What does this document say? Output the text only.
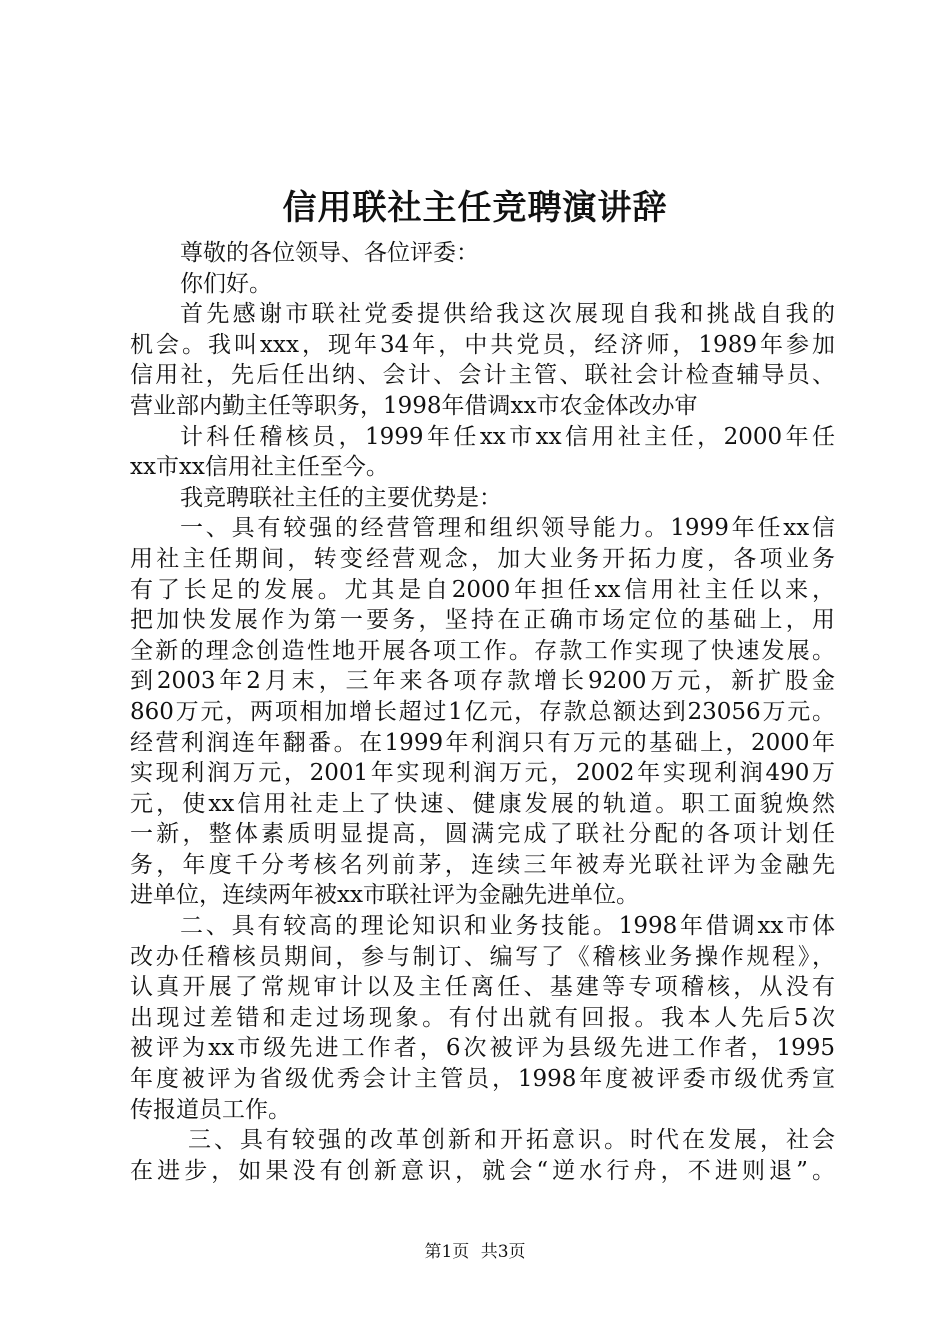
信用联社主任竞聘演讲辞
尊敬的各位领导、各位评委：
你们好。
首先感谢市联社党委提供给我这次展现自我和挑战自我的
机会。我叫xxx，现年34年，中共党员，经济师，1989年参加
信用社，先后任出纳、会计、会计主管、联社会计检查辅导员、
营业部内勤主任等职务，1998年借调xx市农金体改办审
计科任稽核员，1999年任xx市xx信用社主任，2000年任
xx市xx信用社主任至今。
我竞聘联社主任的主要优势是：
一、具有较强的经营管理和组织领导能力。1999年任xx信
用社主任期间，转变经营观念，加大业务开拓力度，各项业务
有了长足的发展。尤其是自2000年担任xx信用社主任以来，
把加快发展作为第一要务，坚持在正确市场定位的基础上，用
全新的理念创造性地开展各项工作。存款工作实现了快速发展。
到2003年2月末，三年来各项存款增长9200万元，新扩股金
860万元，两项相加增长超过1亿元，存款总额达到23056万元。
经营利润连年翻番。在1999年利润只有万元的基础上，2000年
实现利润万元，2001年实现利润万元，2002年实现利润490万
元，使xx信用社走上了快速、健康发展的轨道。职工面貌焕然
一新，整体素质明显提高，圆满完成了联社分配的各项计划任
务，年度千分考核名列前茅，连续三年被寿光联社评为金融先
进单位，连续两年被xx市联社评为金融先进单位。
二、具有较高的理论知识和业务技能。1998年借调xx市体
改办任稽核员期间，参与制订、编写了《稽核业务操作规程》，
认真开展了常规审计以及主任离任、基建等专项稽核，从没有
出现过差错和走过场现象。有付出就有回报。我本人先后5次
被评为xx市级先进工作者，6次被评为县级先进工作者，1995
年度被评为省级优秀会计主管员，1998年度被评委市级优秀宣
传报道员工作。
三、具有较强的改革创新和开拓意识。时代在发展，社会
在进步，如果没有创新意识，就会“逆水行舟，不进则退”。
第1页 共3页
